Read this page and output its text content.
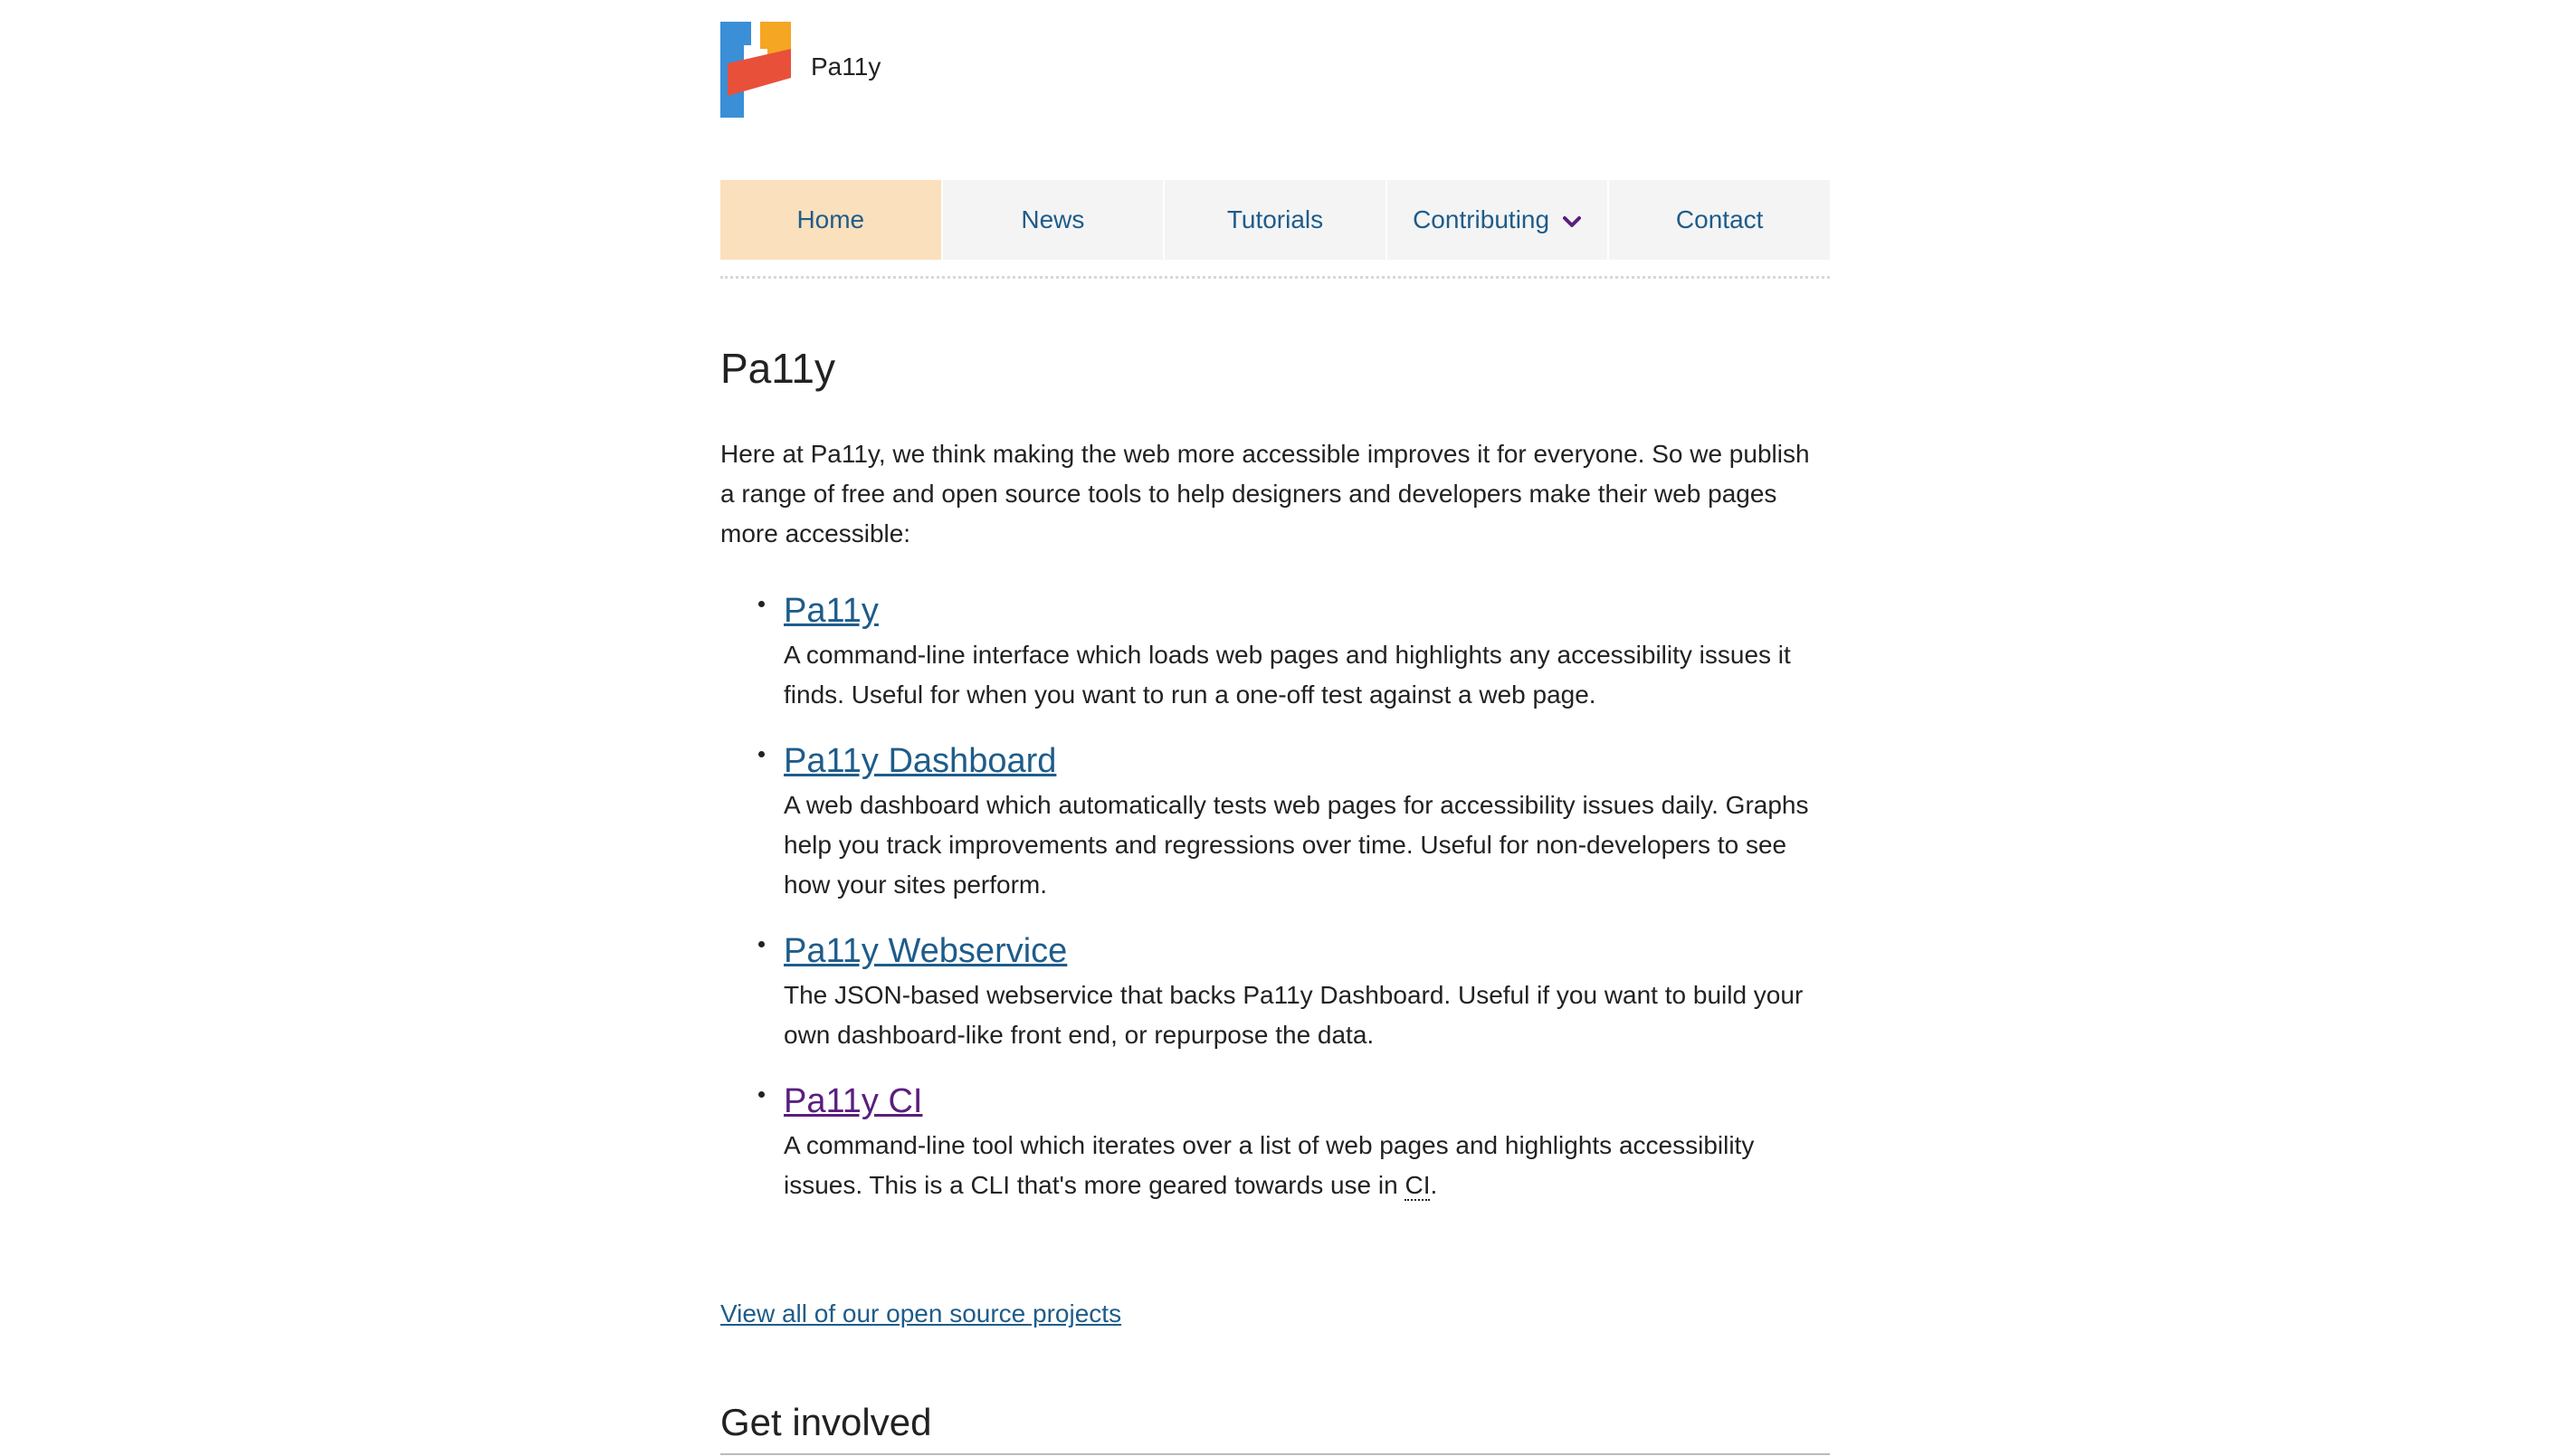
Pa11y
Home	News	Tutorials	Contributing	Contact
Pa11y

Here at Pa11y, we think making the web more accessible improves it for everyone. So we publish a range of free and open source tools to help designers and developers make their web pages more accessible:

Pa11y

A command-line interface which loads web pages and highlights any accessibility issues it finds. Useful for when you want to run a one-off test against a web page.

Pa11y Dashboard

A web dashboard which automatically tests web pages for accessibility issues daily. Graphs help you track improvements and regressions over time. Useful for non-developers to see how your sites perform.

Pa11y Webservice

The JSON-based webservice that backs Pa11y Dashboard. Useful if you want to build your own dashboard-like front end, or repurpose the data.

Pa11y CI

A command-line tool which iterates over a list of web pages and highlights accessibility issues. This is a CLI that's more geared towards use in CI.

View all of our open source projects
Get involved
